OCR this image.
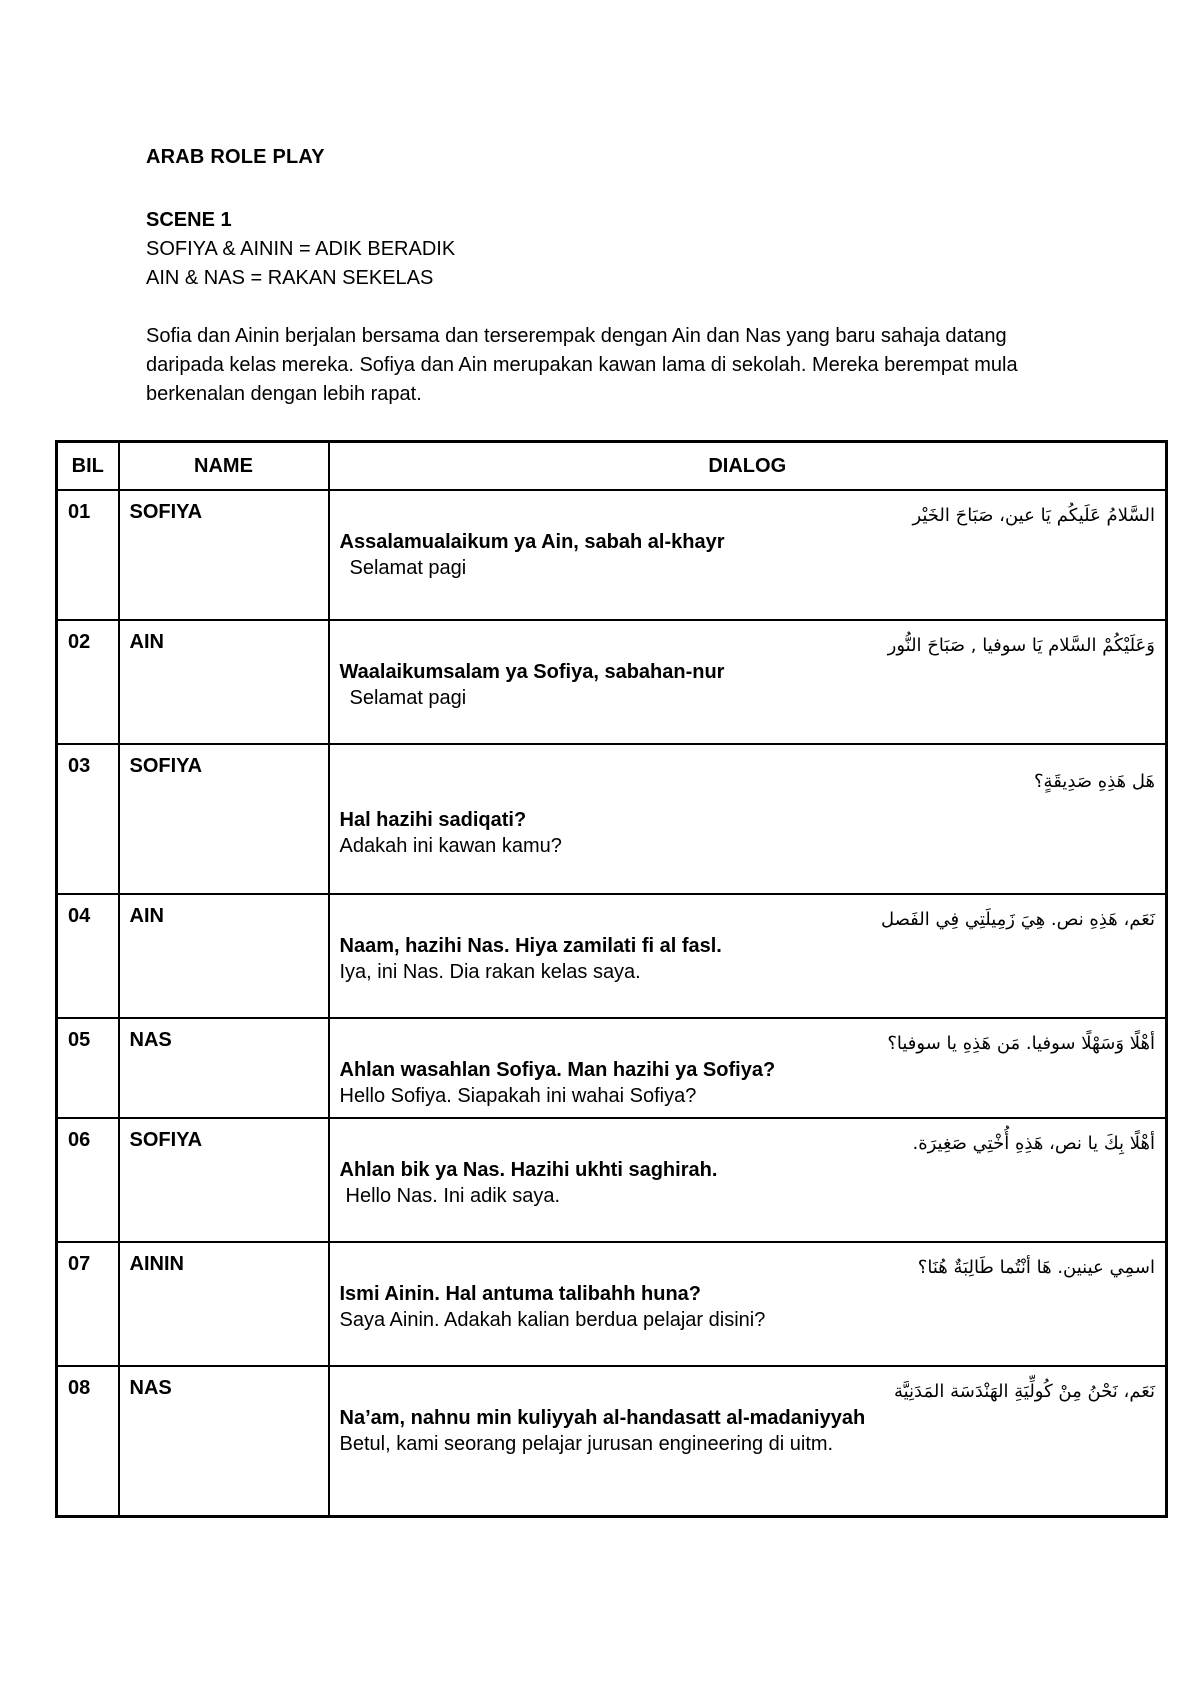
ARAB ROLE PLAY
SCENE 1
SOFIYA & AININ = ADIK BERADIK
AIN & NAS = RAKAN SEKELAS
Sofia dan Ainin berjalan bersama dan terserempak dengan Ain dan Nas yang baru sahaja datang daripada kelas mereka. Sofiya dan Ain merupakan kawan lama di sekolah. Mereka berempat mula berkenalan dengan lebih rapat.
BIL	NAME	DIALOG
01	SOFIYA	السَّلامُ عَلَيكُم يَا عين، صَبَاحَ الخَيْر
Assalamualaikum ya Ain, sabah al-khayr
Selamat pagi

02	AIN	وَعَلَيْكُمْ السَّلام يَا سوفيا , صَبَاحَ النُّور
Waalaikumsalam ya Sofiya, sabahan-nur
Selamat pagi

03	SOFIYA	هَل هَذِهِ صَدِيقَةٍ؟
Hal hazihi sadiqati?
Adakah ini kawan kamu?

04	AIN	نَعَم، هَذِهِ نص. هِيَ زَمِيلَتِي فِي الفَصل
Naam, hazihi Nas. Hiya zamilati fi al fasl.
Iya, ini Nas. Dia rakan kelas saya.

05	NAS	أهْلًا وَسَهْلًا سوفيا. مَن هَذِهِ يا سوفيا؟
Ahlan wasahlan Sofiya. Man hazihi ya Sofiya?
Hello Sofiya. Siapakah ini wahai Sofiya?

06	SOFIYA	أهْلًا بِكَ يا نص، هَذِهِ أُخْتِي صَغِيرَة.
Ahlan bik ya Nas. Hazihi ukhti saghirah.
Hello Nas. Ini adik saya.

07	AININ	اسمِي عينين. هَا أنْتُما طَالِبَةٌ هُنَا؟
Ismi Ainin. Hal antuma talibahh huna?
Saya Ainin. Adakah kalian berdua pelajar disini?

08	NAS	نَعَم، نَحْنُ مِنْ كُولِّيَةِ الهَنْدَسَة المَدَنِيَّة
Na’am, nahnu min kuliyyah al-handasatt al-madaniyyah
Betul, kami seorang pelajar jurusan engineering di uitm.
